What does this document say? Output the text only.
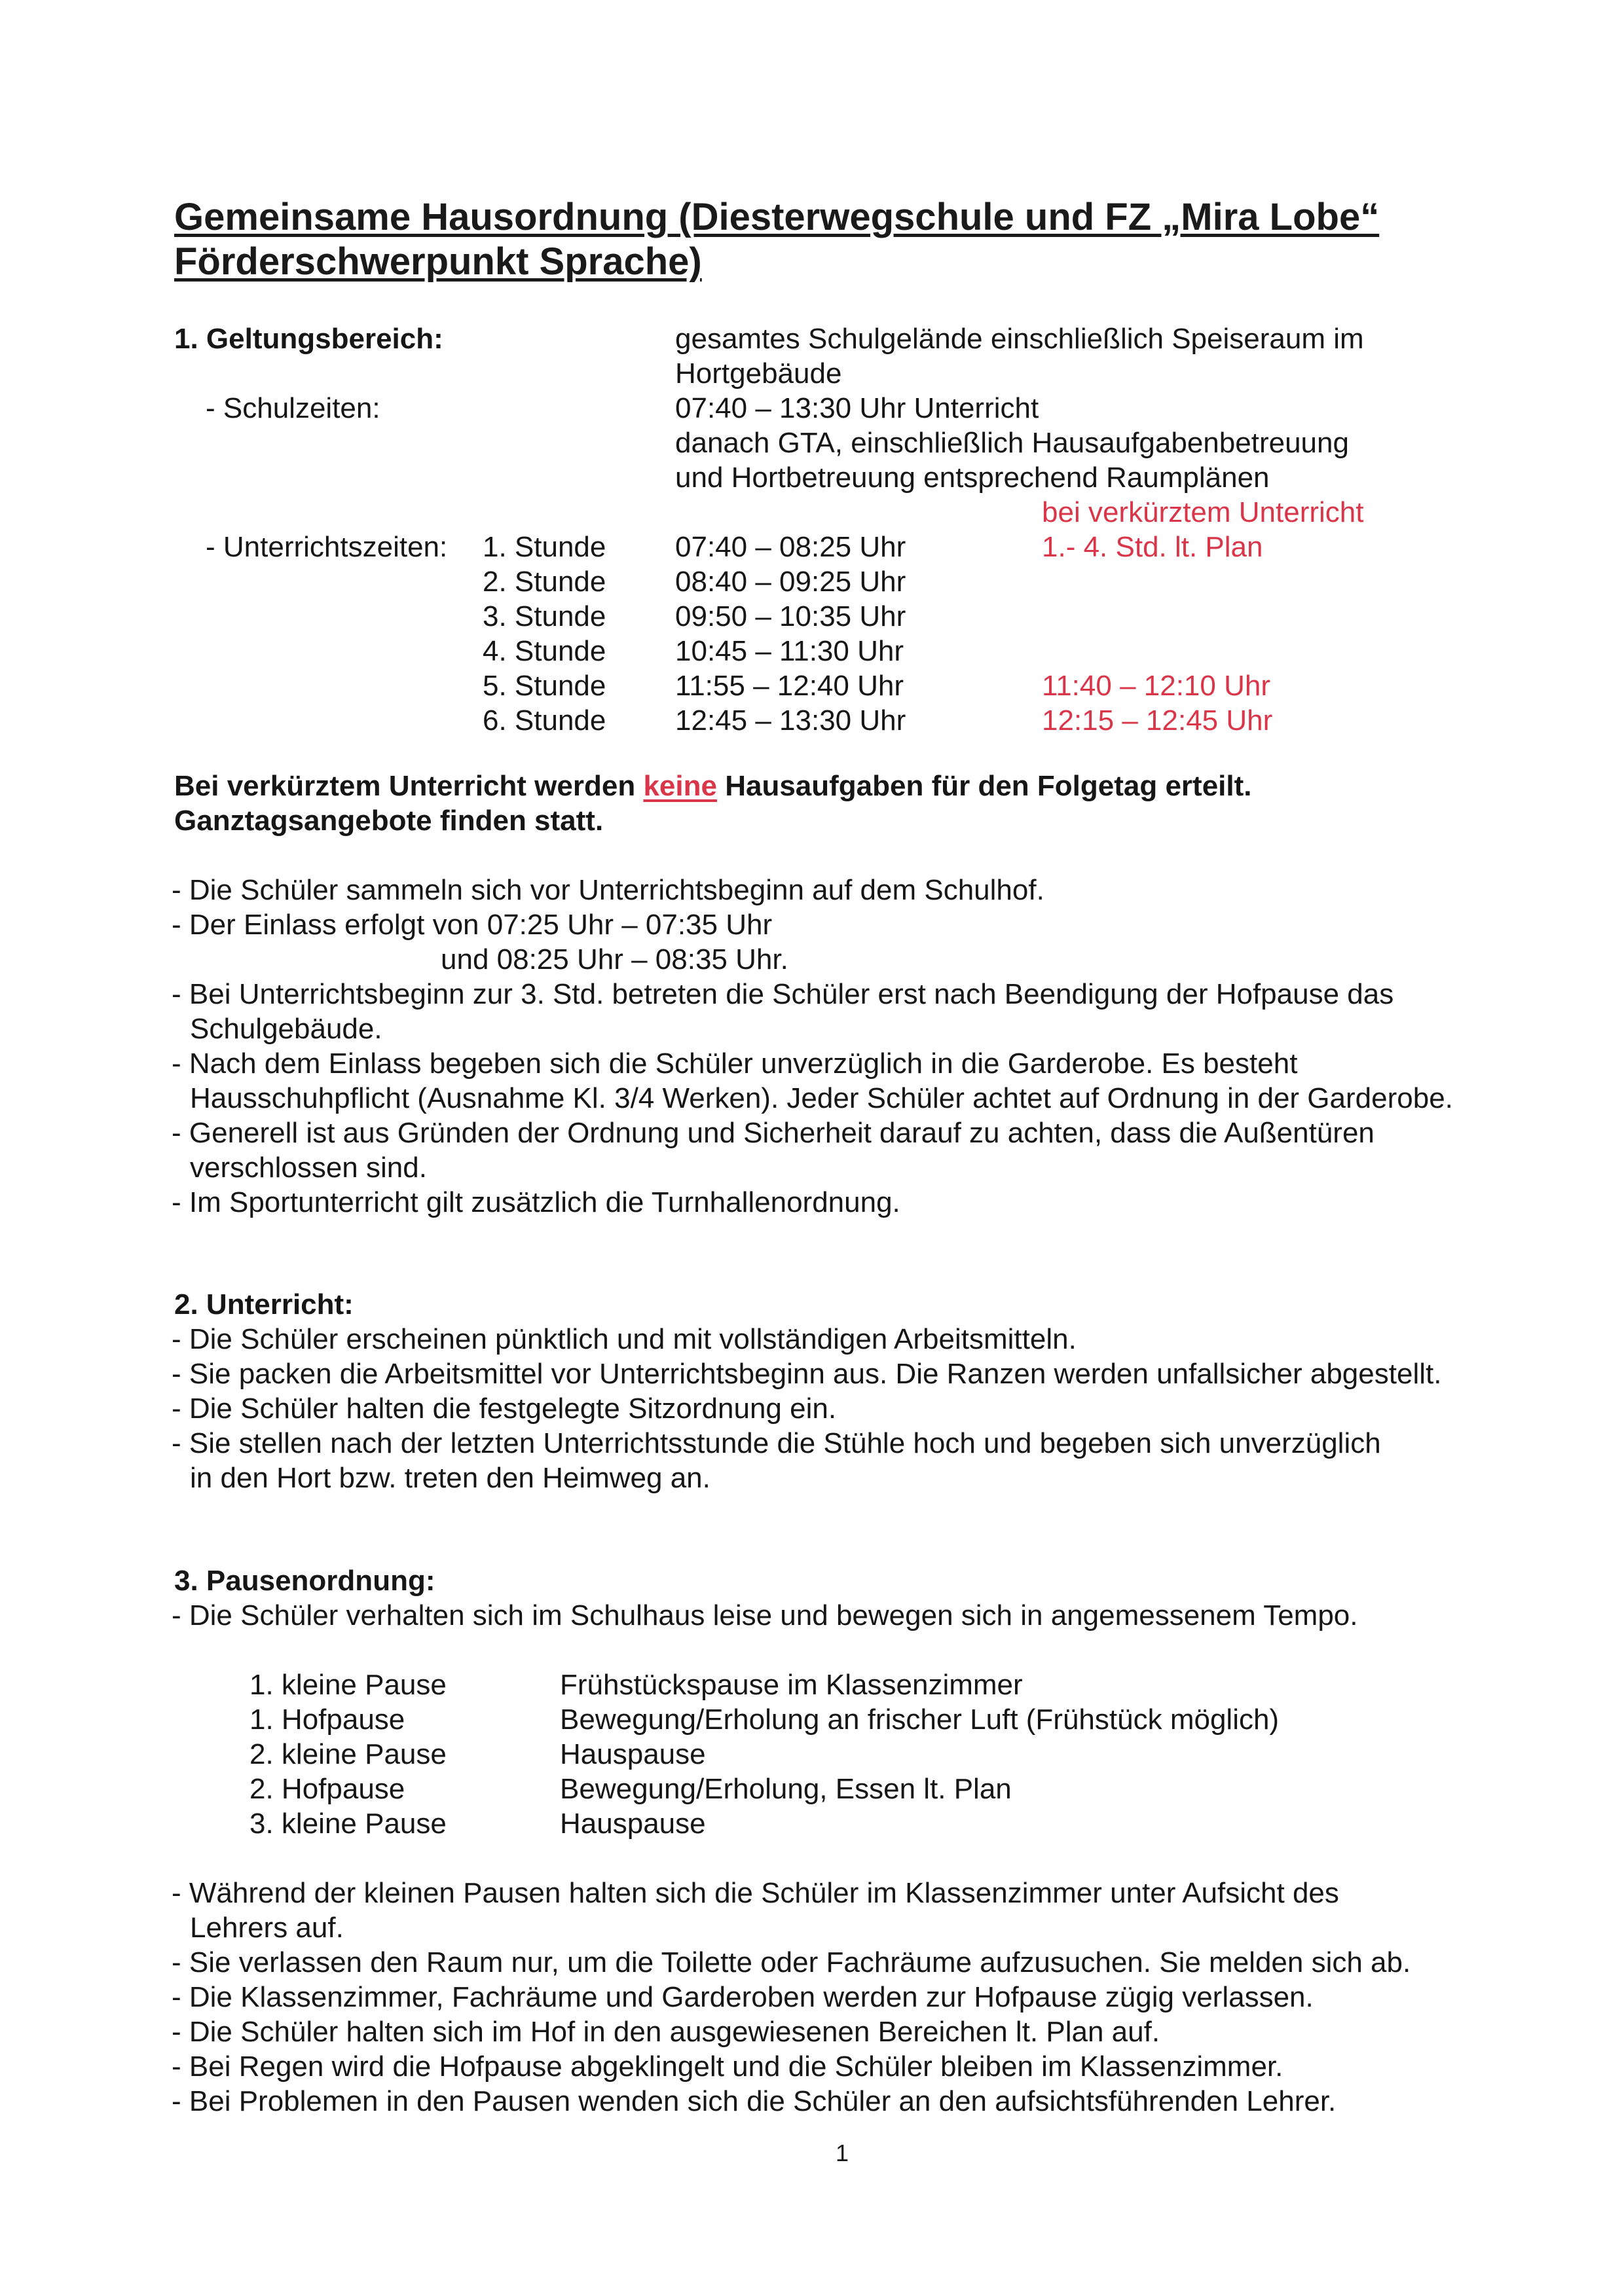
Gemeinsame Hausordnung (Diesterwegschule und FZ „Mira Lobe“
Förderschwerpunkt Sprache)
1. Geltungsbereich:	gesamtes Schulgelände einschließlich Speiseraum im
Hortgebäude
- Schulzeiten:	07:40 – 13:30 Uhr Unterricht
danach GTA, einschließlich Hausaufgabenbetreuung
und Hortbetreuung entsprechend Raumplänen
bei verkürztem Unterricht
- Unterrichtszeiten: 1. Stunde 07:40 – 08:25 Uhr	1.- 4. Std. lt. Plan
2. Stunde 08:40 – 09:25 Uhr
3. Stunde 09:50 – 10:35 Uhr
4. Stunde 10:45 – 11:30 Uhr
5. Stunde 11:55 – 12:40 Uhr	11:40 – 12:10 Uhr
6. Stunde 12:45 – 13:30 Uhr	12:15 – 12:45 Uhr
Bei verkürztem Unterricht werden keine Hausaufgaben für den Folgetag erteilt.
Ganztagsangebote finden statt.
- Die Schüler sammeln sich vor Unterrichtsbeginn auf dem Schulhof.
- Der Einlass erfolgt von 07:25 Uhr – 07:35 Uhr
und 08:25 Uhr – 08:35 Uhr.
- Bei Unterrichtsbeginn zur 3. Std. betreten die Schüler erst nach Beendigung der Hofpause das
Schulgebäude.
- Nach dem Einlass begeben sich die Schüler unverzüglich in die Garderobe. Es besteht
Hausschuhpflicht (Ausnahme Kl. 3/4 Werken). Jeder Schüler achtet auf Ordnung in der Garderobe.
- Generell ist aus Gründen der Ordnung und Sicherheit darauf zu achten, dass die Außentüren
verschlossen sind.
- Im Sportunterricht gilt zusätzlich die Turnhallenordnung.
2. Unterricht:
- Die Schüler erscheinen pünktlich und mit vollständigen Arbeitsmitteln.
- Sie packen die Arbeitsmittel vor Unterrichtsbeginn aus. Die Ranzen werden unfallsicher abgestellt.
- Die Schüler halten die festgelegte Sitzordnung ein.
- Sie stellen nach der letzten Unterrichtsstunde die Stühle hoch und begeben sich unverzüglich
in den Hort bzw. treten den Heimweg an.
3. Pausenordnung:
- Die Schüler verhalten sich im Schulhaus leise und bewegen sich in angemessenem Tempo.
1. kleine Pause	Frühstückspause im Klassenzimmer
1. Hofpause	Bewegung/Erholung an frischer Luft (Frühstück möglich)
2. kleine Pause	Hauspause
2. Hofpause	Bewegung/Erholung, Essen lt. Plan
3. kleine Pause	Hauspause
- Während der kleinen Pausen halten sich die Schüler im Klassenzimmer unter Aufsicht des
Lehrers auf.
- Sie verlassen den Raum nur, um die Toilette oder Fachräume aufzusuchen. Sie melden sich ab.
- Die Klassenzimmer, Fachräume und Garderoben werden zur Hofpause zügig verlassen.
- Die Schüler halten sich im Hof in den ausgewiesenen Bereichen lt. Plan auf.
- Bei Regen wird die Hofpause abgeklingelt und die Schüler bleiben im Klassenzimmer.
- Bei Problemen in den Pausen wenden sich die Schüler an den aufsichtsführenden Lehrer.
1
